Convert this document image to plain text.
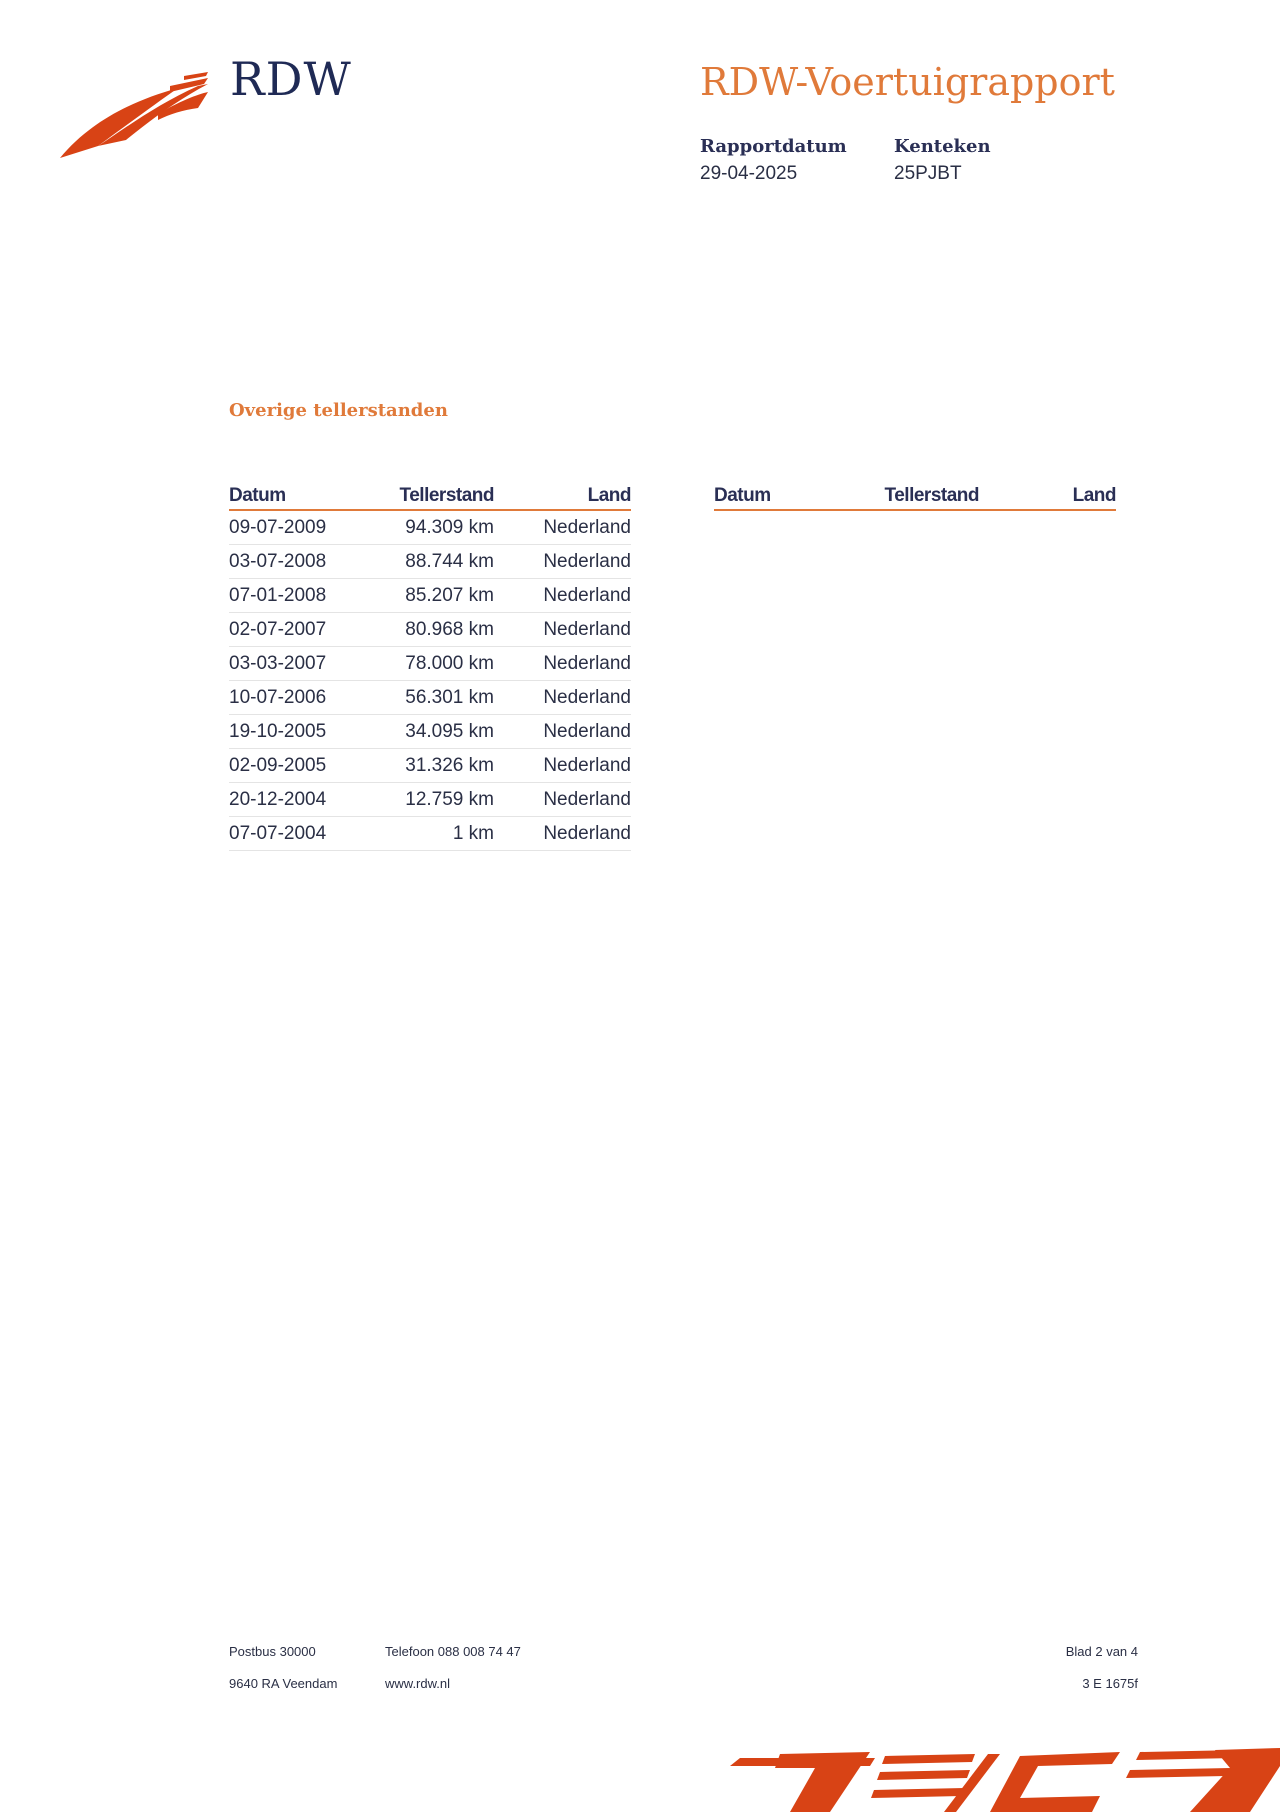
RDW	RDW-Voertuigrapport
Rapportdatum
29-04-2025
Kenteken
25PJBT
Overige tellerstanden
Datum	Tellerstand	Land
09-07-2009	94.309 km	Nederland
03-07-2008	88.744 km	Nederland
07-01-2008	85.207 km	Nederland
02-07-2007	80.968 km	Nederland
03-03-2007	78.000 km	Nederland
10-07-2006	56.301 km	Nederland
19-10-2005	34.095 km	Nederland
02-09-2005	31.326 km	Nederland
20-12-2004	12.759 km	Nederland
07-07-2004	1 km	Nederland
Datum	Tellerstand	Land
Postbus 30000
9640 RA Veendam
Telefoon 088 008 74 47
www.rdw.nl
Blad 2 van 4
3 E 1675f
